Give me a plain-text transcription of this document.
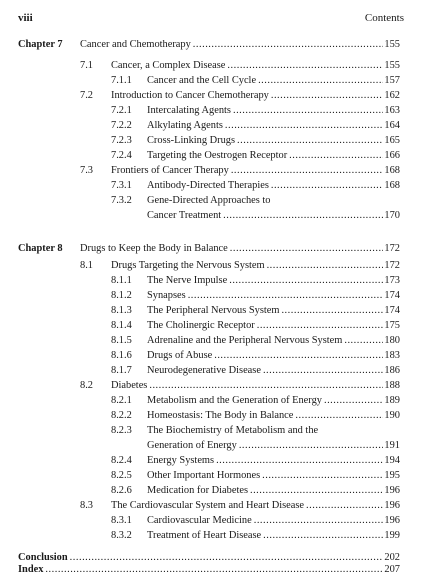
viii	Contents
Chapter 7 Cancer and Chemotherapy .....	155
7.1 Cancer, a Complex Disease .....	155
7.1.1 Cancer and the Cell Cycle .....	157
7.2 Introduction to Cancer Chemotherapy .....	162
7.2.1 Intercalating Agents .....	163
7.2.2 Alkylating Agents .....	164
7.2.3 Cross-Linking Drugs .....	165
7.2.4 Targeting the Oestrogen Receptor .....	166
7.3 Frontiers of Cancer Therapy .....	168
7.3.1 Antibody-Directed Therapies .....	168
7.3.2 Gene-Directed Approaches to
Cancer Treatment .....	170
Chapter 8 Drugs to Keep the Body in Balance .....	172
8.1 Drugs Targeting the Nervous System .....	172
8.1.1 The Nerve Impulse .....	173
8.1.2 Synapses .....	174
8.1.3 The Peripheral Nervous System .....	174
8.1.4 The Cholinergic Receptor .....	175
8.1.5 Adrenaline and the Peripheral Nervous System .....	180
8.1.6 Drugs of Abuse .....	183
8.1.7 Neurodegenerative Disease .....	186
8.2 Diabetes .....	188
8.2.1 Metabolism and the Generation of Energy .....	189
8.2.2 Homeostasis: The Body in Balance .....	190
8.2.3 The Biochemistry of Metabolism and the
Generation of Energy .....	191
8.2.4 Energy Systems .....	194
8.2.5 Other Important Hormones .....	195
8.2.6 Medication for Diabetes .....	196
8.3 The Cardiovascular System and Heart Disease .....	196
8.3.1 Cardiovascular Medicine .....	196
8.3.2 Treatment of Heart Disease .....	199
Conclusion .....	202
Index .....	207
